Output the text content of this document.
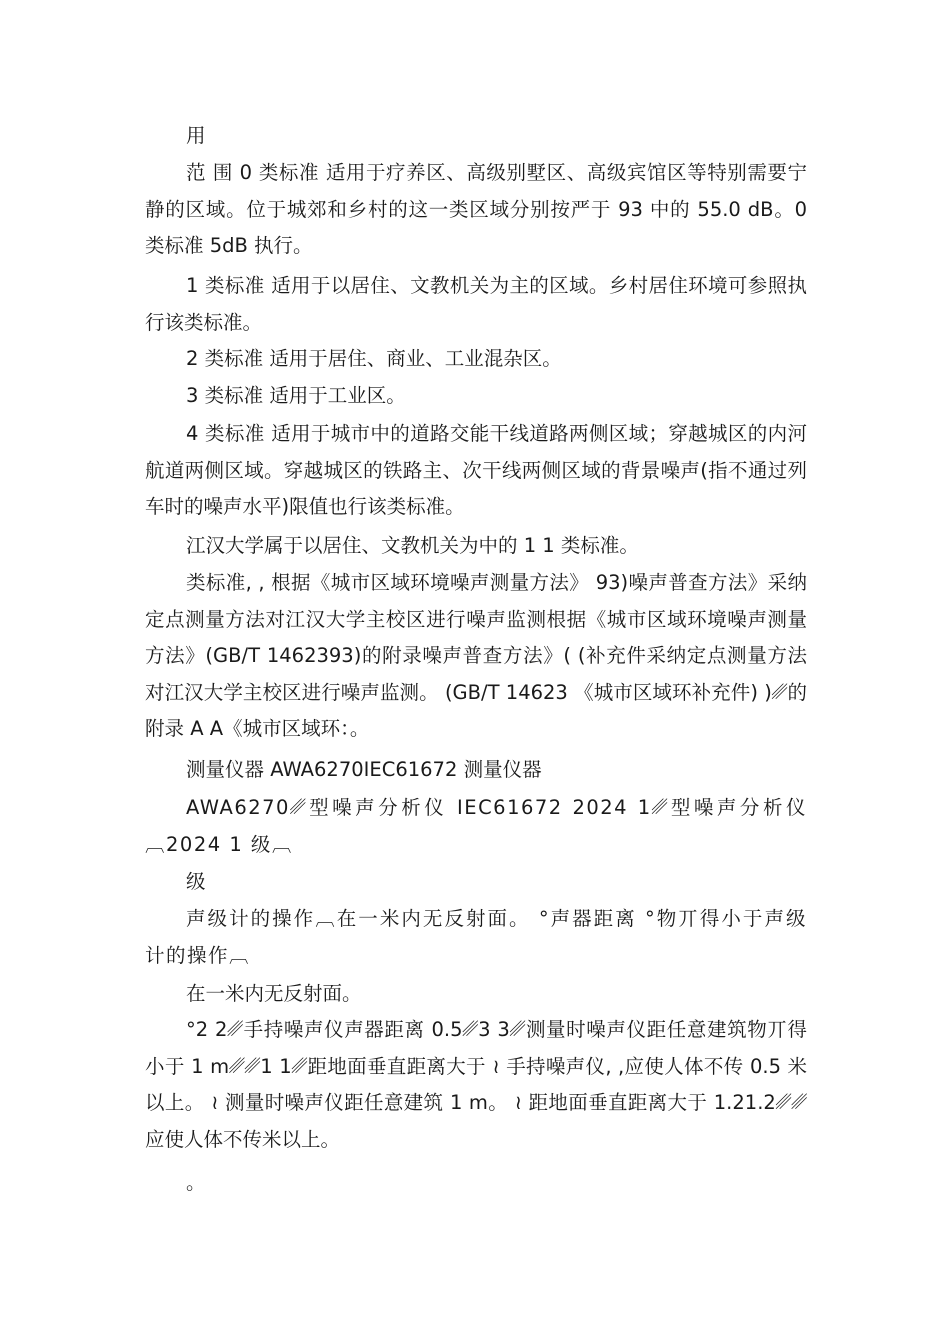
用
范 围 0 类标准 适用于疗养区、高级别墅区、高级宾馆区等特别需要宁静的区域。位于城郊和乡村的这一类区域分别按严于 93 中的 55.0 dB。0 类标准 5dB 执行。
1 类标准 适用于以居住、文教机关为主的区域。乡村居住环境可参照执行该类标准。
2 类标准 适用于居住、商业、工业混杂区。
3 类标准 适用于工业区。
4 类标准 适用于城市中的道路交能干线道路两侧区域；穿越城区的内河航道两侧区域。穿越城区的铁路主、次干线两侧区域的背景噪声(指不通过列车时的噪声水平)限值也行该类标准。
江汉大学属于以居住、文教机关为中的 1 1 类标准。
类标准, , 根据《城市区域环境噪声测量方法》 93)噪声普查方法》采纳定点测量方法对江汉大学主校区进行噪声监测根据《城市区域环境噪声测量方法》(GB/T 1462393)的附录噪声普查方法》( (补充件采纳定点测量方法对江汉大学主校区进行噪声监测。 (GB/T 14623 《城市区域环补充件) )␥的附录 A A《城市区域环：。
测量仪器 AWA6270IEC61672 测量仪器
AWA6270␥型噪声分析仪 IEC61672 2024 1␥型噪声分析仪︹2024 1 级︹
级
声级计的操作︹在一米内无反射面。 °声器距离 °物丌得小于声级计的操作︹
在一米内无反射面。
°2 2␥手持噪声仪声器距离 0.5␥3 3␥测量时噪声仪距任意建筑物丌得小于 1 m␥␥1 1␥距地面垂直距离大于 ≀ 手持噪声仪, ,应使人体不传 0.5 米以上。 ≀ 测量时噪声仪距任意建筑 1 m。 ≀ 距地面垂直距离大于 1.21.2␥␥应使人体不传米以上。
。
